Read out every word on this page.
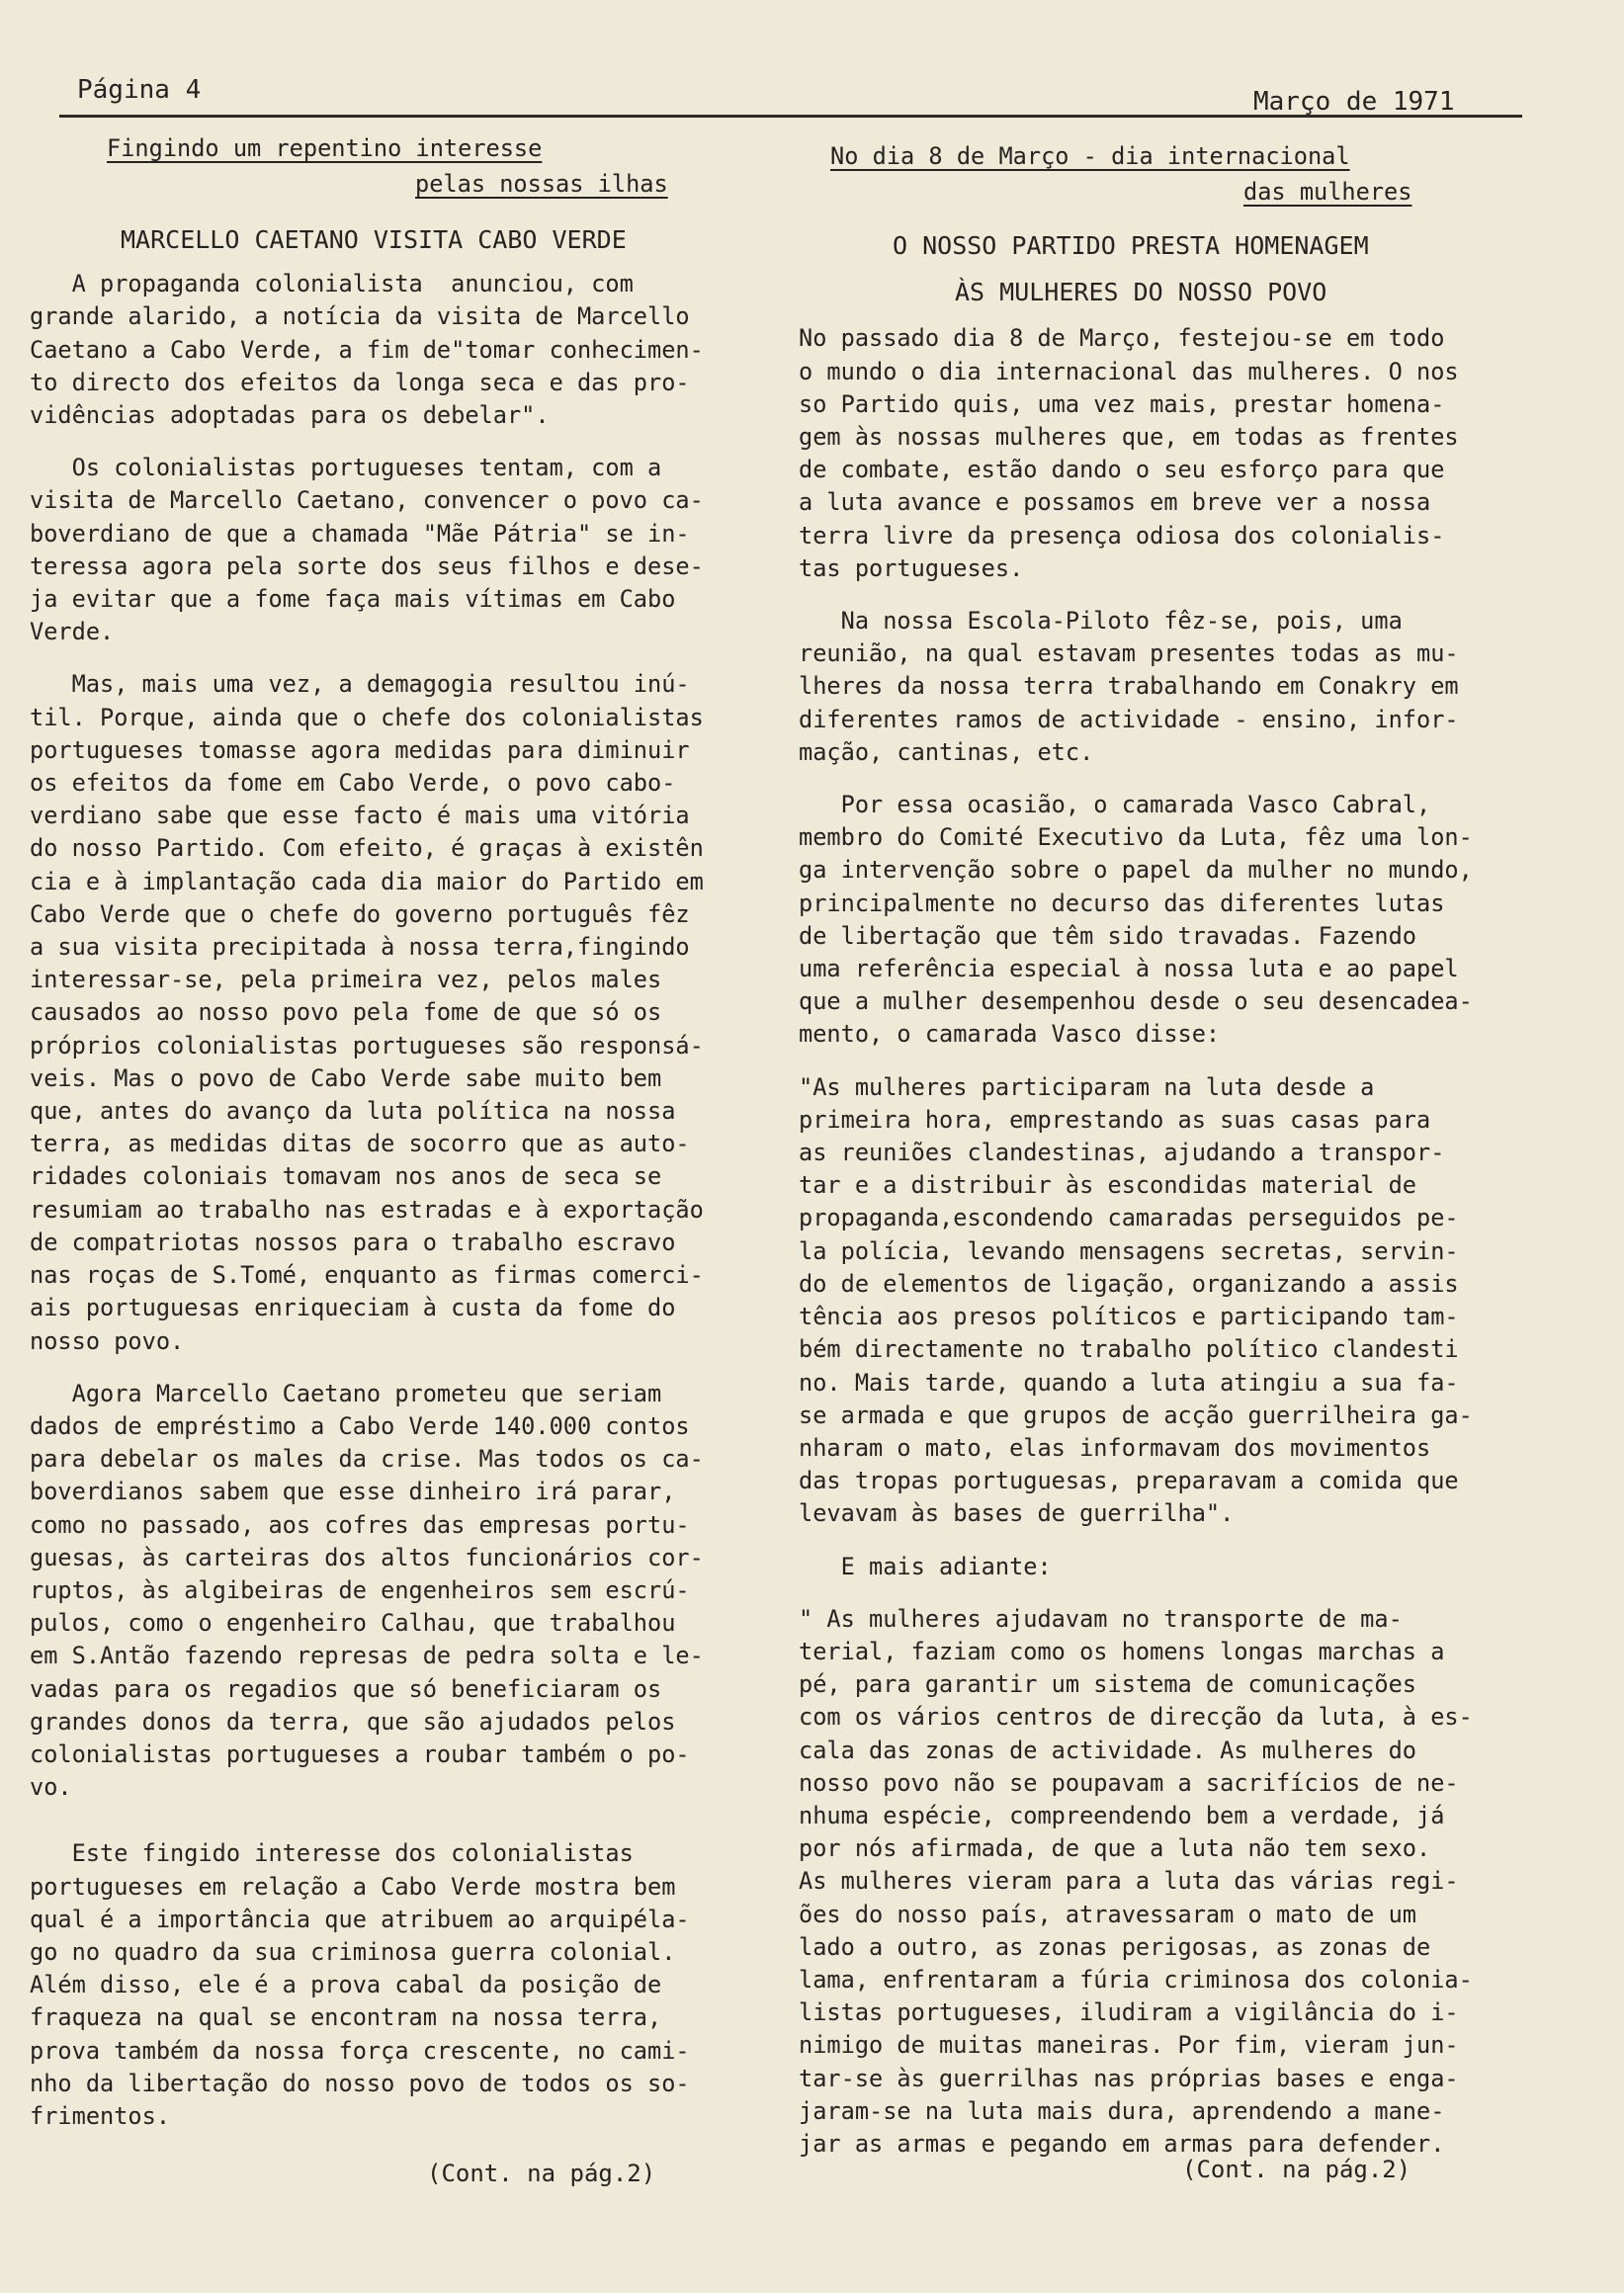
Página 4	Março de 1971
Fingindo um repentino interesse
pelas nossas ilhas
MARCELLO CAETANO VISITA CABO VERDE
A propaganda colonialista  anunciou, com
grande alarido, a notícia da visita de Marcello
Caetano a Cabo Verde, a fim de"tomar conhecimen-
to directo dos efeitos da longa seca e das pro-
vidências adoptadas para os debelar".
Os colonialistas portugueses tentam, com a
visita de Marcello Caetano, convencer o povo ca-
boverdiano de que a chamada "Mãe Pátria" se in-
teressa agora pela sorte dos seus filhos e dese-
ja evitar que a fome faça mais vítimas em Cabo
Verde.
Mas, mais uma vez, a demagogia resultou inú-
til. Porque, ainda que o chefe dos colonialistas
portugueses tomasse agora medidas para diminuir
os efeitos da fome em Cabo Verde, o povo cabo-
verdiano sabe que esse facto é mais uma vitória
do nosso Partido. Com efeito, é graças à existên
cia e à implantação cada dia maior do Partido em
Cabo Verde que o chefe do governo português fêz
a sua visita precipitada à nossa terra,fingindo
interessar-se, pela primeira vez, pelos males
causados ao nosso povo pela fome de que só os
próprios colonialistas portugueses são responsá-
veis. Mas o povo de Cabo Verde sabe muito bem
que, antes do avanço da luta política na nossa
terra, as medidas ditas de socorro que as auto-
ridades coloniais tomavam nos anos de seca se
resumiam ao trabalho nas estradas e à exportação
de compatriotas nossos para o trabalho escravo
nas roças de S.Tomé, enquanto as firmas comerci-
ais portuguesas enriqueciam à custa da fome do
nosso povo.
Agora Marcello Caetano prometeu que seriam
dados de empréstimo a Cabo Verde 140.000 contos
para debelar os males da crise. Mas todos os ca-
boverdianos sabem que esse dinheiro irá parar,
como no passado, aos cofres das empresas portu-
guesas, às carteiras dos altos funcionários cor-
ruptos, às algibeiras de engenheiros sem escrú-
pulos, como o engenheiro Calhau, que trabalhou
em S.Antão fazendo represas de pedra solta e le-
vadas para os regadios que só beneficiaram os
grandes donos da terra, que são ajudados pelos
colonialistas portugueses a roubar também o po-
vo.
Este fingido interesse dos colonialistas
portugueses em relação a Cabo Verde mostra bem
qual é a importância que atribuem ao arquipéla-
go no quadro da sua criminosa guerra colonial.
Além disso, ele é a prova cabal da posição de
fraqueza na qual se encontram na nossa terra,
prova também da nossa força crescente, no cami-
nho da libertação do nosso povo de todos os so-
frimentos.
No dia 8 de Março - dia internacional
das mulheres
O NOSSO PARTIDO PRESTA HOMENAGEM
ÀS MULHERES DO NOSSO POVO
No passado dia 8 de Março, festejou-se em todo
o mundo o dia internacional das mulheres. O nos
so Partido quis, uma vez mais, prestar homena-
gem às nossas mulheres que, em todas as frentes
de combate, estão dando o seu esforço para que
a luta avance e possamos em breve ver a nossa
terra livre da presença odiosa dos colonialis-
tas portugueses.
Na nossa Escola-Piloto fêz-se, pois, uma
reunião, na qual estavam presentes todas as mu-
lheres da nossa terra trabalhando em Conakry em
diferentes ramos de actividade - ensino, infor-
mação, cantinas, etc.
Por essa ocasião, o camarada Vasco Cabral,
membro do Comité Executivo da Luta, fêz uma lon-
ga intervenção sobre o papel da mulher no mundo,
principalmente no decurso das diferentes lutas
de libertação que têm sido travadas. Fazendo
uma referência especial à nossa luta e ao papel
que a mulher desempenhou desde o seu desencadea-
mento, o camarada Vasco disse:
"As mulheres participaram na luta desde a
primeira hora, emprestando as suas casas para
as reuniões clandestinas, ajudando a transpor-
tar e a distribuir às escondidas material de
propaganda,escondendo camaradas perseguidos pe-
la polícia, levando mensagens secretas, servin-
do de elementos de ligação, organizando a assis
tência aos presos políticos e participando tam-
bém directamente no trabalho político clandesti
no. Mais tarde, quando a luta atingiu a sua fa-
se armada e que grupos de acção guerrilheira ga-
nharam o mato, elas informavam dos movimentos
das tropas portuguesas, preparavam a comida que
levavam às bases de guerrilha".
E mais adiante:
" As mulheres ajudavam no transporte de ma-
terial, faziam como os homens longas marchas a
pé, para garantir um sistema de comunicações
com os vários centros de direcção da luta, à es-
cala das zonas de actividade. As mulheres do
nosso povo não se poupavam a sacrifícios de ne-
nhuma espécie, compreendendo bem a verdade, já
por nós afirmada, de que a luta não tem sexo.
As mulheres vieram para a luta das várias regi-
ões do nosso país, atravessaram o mato de um
lado a outro, as zonas perigosas, as zonas de
lama, enfrentaram a fúria criminosa dos colonia-
listas portugueses, iludiram a vigilância do i-
nimigo de muitas maneiras. Por fim, vieram jun-
tar-se às guerrilhas nas próprias bases e enga-
jaram-se na luta mais dura, aprendendo a mane-
jar as armas e pegando em armas para defender.
(Cont. na pág.2)	(Cont. na pág.2)
